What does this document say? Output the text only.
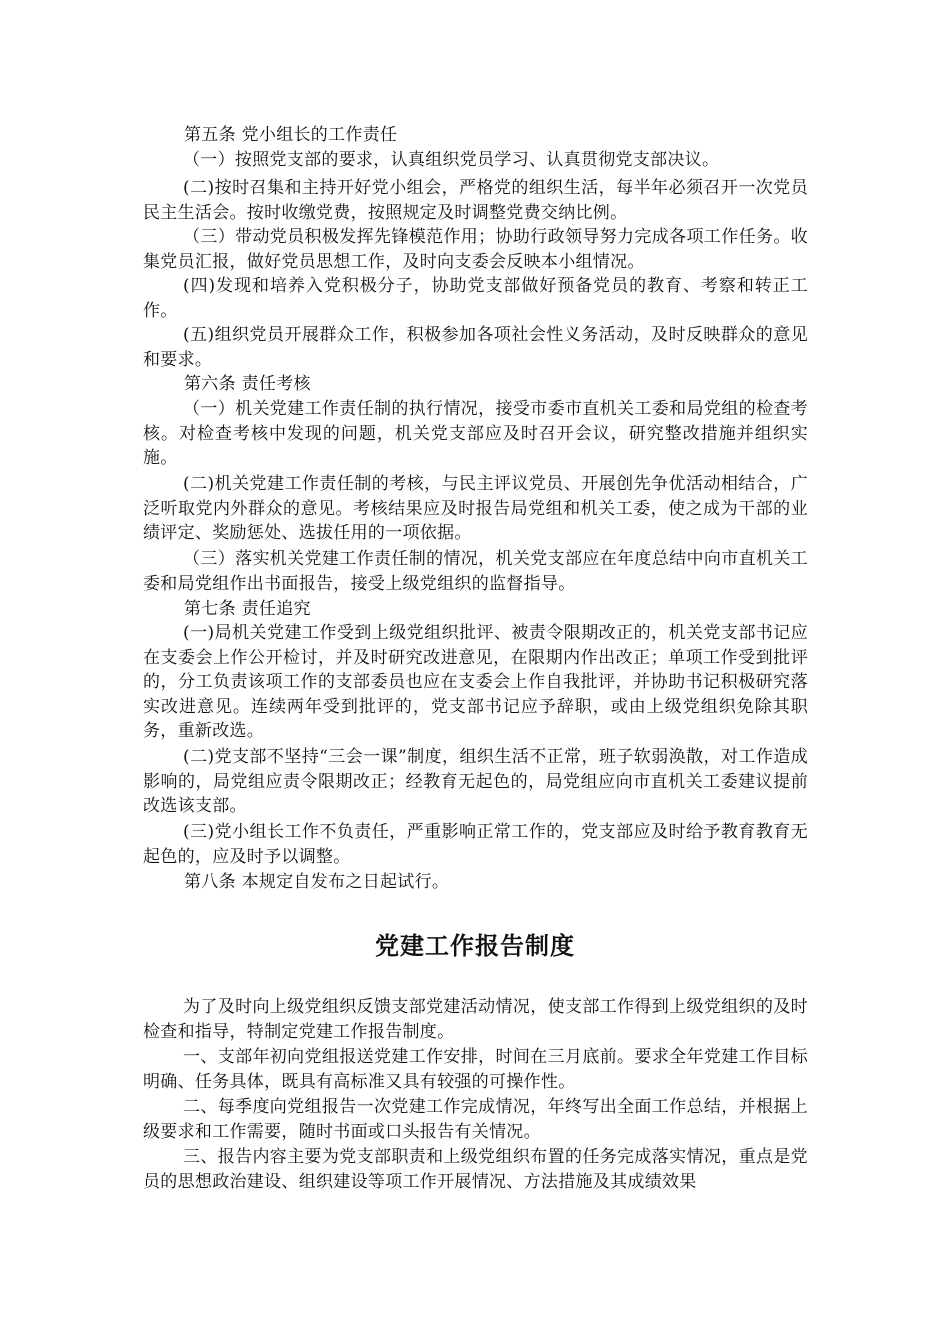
第五条 党小组长的工作责任
（一）按照党支部的要求，认真组织党员学习、认真贯彻党支部决议。
(二)按时召集和主持开好党小组会，严格党的组织生活，每半年必须召开一次党员民主生活会。按时收缴党费，按照规定及时调整党费交纳比例。
（三）带动党员积极发挥先锋模范作用；协助行政领导努力完成各项工作任务。收集党员汇报，做好党员思想工作，及时向支委会反映本小组情况。
(四)发现和培养入党积极分子，协助党支部做好预备党员的教育、考察和转正工作。
(五)组织党员开展群众工作，积极参加各项社会性义务活动，及时反映群众的意见和要求。
第六条 责任考核
（一）机关党建工作责任制的执行情况，接受市委市直机关工委和局党组的检查考核。对检查考核中发现的问题，机关党支部应及时召开会议，研究整改措施并组织实施。
(二)机关党建工作责任制的考核，与民主评议党员、开展创先争优活动相结合，广泛听取党内外群众的意见。考核结果应及时报告局党组和机关工委，使之成为干部的业绩评定、奖励惩处、选拔任用的一项依据。
（三）落实机关党建工作责任制的情况，机关党支部应在年度总结中向市直机关工委和局党组作出书面报告，接受上级党组织的监督指导。
第七条 责任追究
(一)局机关党建工作受到上级党组织批评、被责令限期改正的，机关党支部书记应在支委会上作公开检讨，并及时研究改进意见，在限期内作出改正；单项工作受到批评的，分工负责该项工作的支部委员也应在支委会上作自我批评，并协助书记积极研究落实改进意见。连续两年受到批评的，党支部书记应予辞职，或由上级党组织免除其职务，重新改选。
(二)党支部不坚持“三会一课”制度，组织生活不正常，班子软弱涣散，对工作造成影响的，局党组应责令限期改正；经教育无起色的，局党组应向市直机关工委建议提前改选该支部。
(三)党小组长工作不负责任，严重影响正常工作的，党支部应及时给予教育教育无起色的，应及时予以调整。
第八条 本规定自发布之日起试行。
党建工作报告制度
为了及时向上级党组织反馈支部党建活动情况，使支部工作得到上级党组织的及时检查和指导，特制定党建工作报告制度。
一、支部年初向党组报送党建工作安排，时间在三月底前。要求全年党建工作目标明确、任务具体，既具有高标准又具有较强的可操作性。
二、每季度向党组报告一次党建工作完成情况，年终写出全面工作总结，并根据上级要求和工作需要，随时书面或口头报告有关情况。
三、报告内容主要为党支部职责和上级党组织布置的任务完成落实情况，重点是党员的思想政治建设、组织建设等项工作开展情况、方法措施及其成绩效果
